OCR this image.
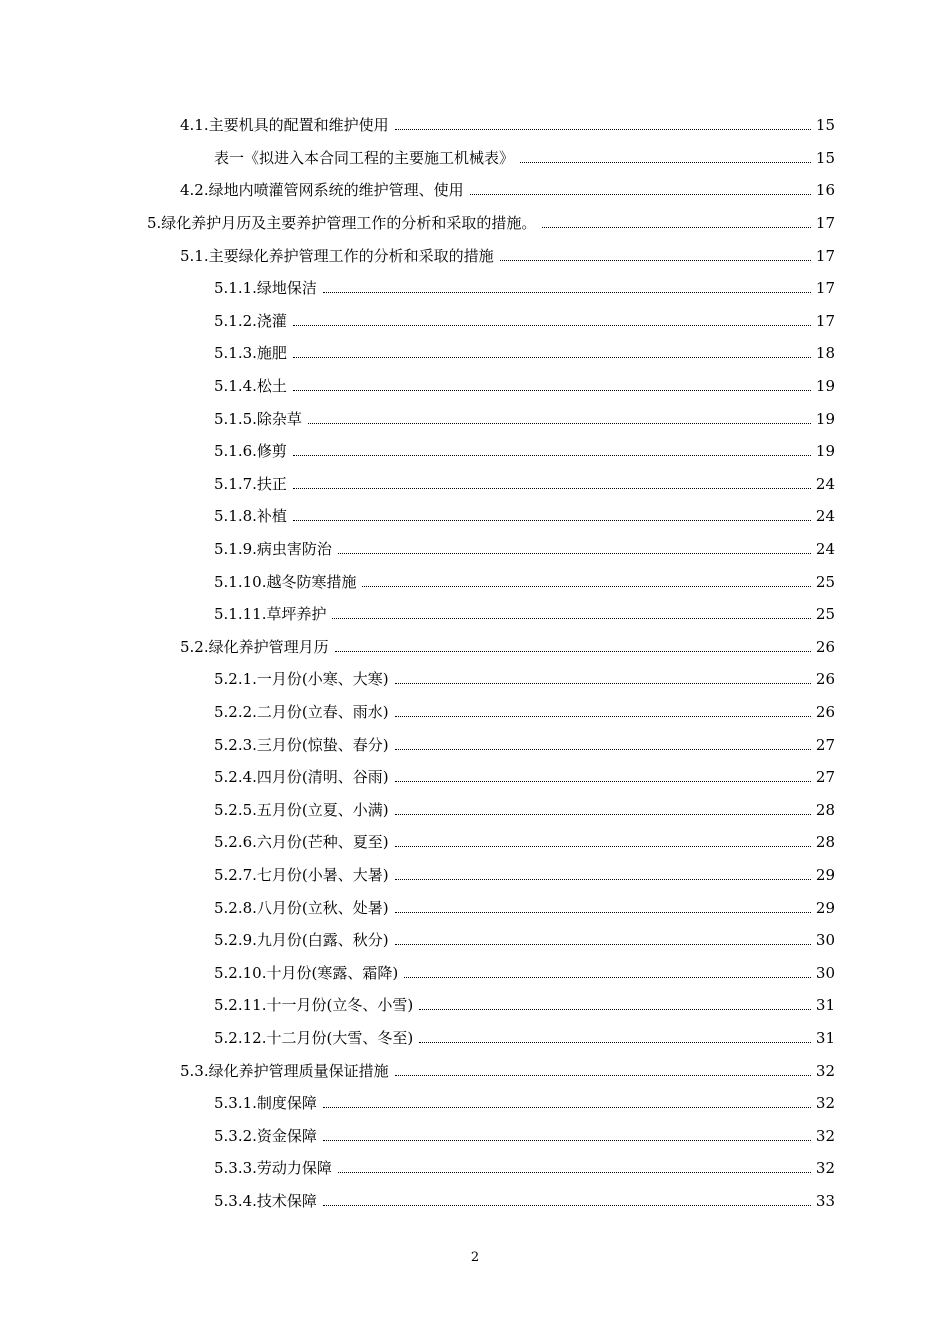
4.1.主要机具的配置和维护使用	15
表一《拟进入本合同工程的主要施工机械表》	15
4.2.绿地内喷灌管网系统的维护管理、使用	16
5.绿化养护月历及主要养护管理工作的分析和采取的措施。	17
5.1.主要绿化养护管理工作的分析和采取的措施	17
5.1.1.绿地保洁	17
5.1.2.浇灌	17
5.1.3.施肥	18
5.1.4.松土	19
5.1.5.除杂草	19
5.1.6.修剪	19
5.1.7.扶正	24
5.1.8.补植	24
5.1.9.病虫害防治	24
5.1.10.越冬防寒措施	25
5.1.11.草坪养护	25
5.2.绿化养护管理月历	26
5.2.1.一月份(小寒、大寒)	26
5.2.2.二月份(立春、雨水)	26
5.2.3.三月份(惊蛰、春分)	27
5.2.4.四月份(清明、谷雨)	27
5.2.5.五月份(立夏、小满)	28
5.2.6.六月份(芒种、夏至)	28
5.2.7.七月份(小暑、大暑)	29
5.2.8.八月份(立秋、处暑)	29
5.2.9.九月份(白露、秋分)	30
5.2.10.十月份(寒露、霜降)	30
5.2.11.十一月份(立冬、小雪)	31
5.2.12.十二月份(大雪、冬至)	31
5.3.绿化养护管理质量保证措施	32
5.3.1.制度保障	32
5.3.2.资金保障	32
5.3.3.劳动力保障	32
5.3.4.技术保障	33
2
